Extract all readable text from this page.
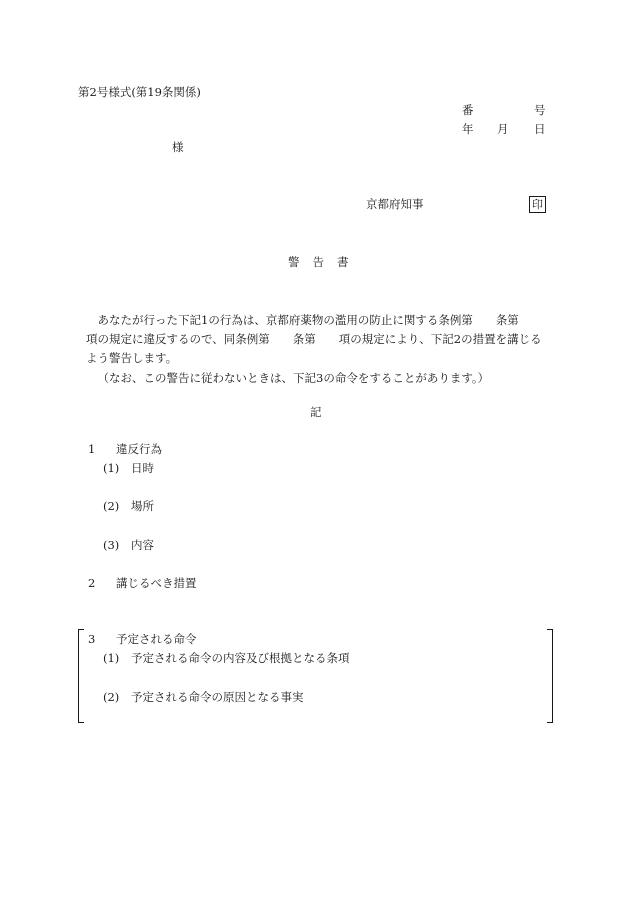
第2号様式(第19条関係)
番	号
年 月 日
様
京都府知事	印
警告書

あなたが行った下記1の行為は、京都府薬物の濫用の防止に関する条例第　　条第

項の規定に違反するので、同条例第　　条第　　項の規定により、下記2の措置を講じる

よう警告します。

（なお、この警告に従わないときは、下記3の命令をすることがあります。）

記
1 違反行為
(1) 日時
(2) 場所
(3) 内容
2 講じるべき措置
3 予定される命令
(1) 予定される命令の内容及び根拠となる条項
(2) 予定される命令の原因となる事実
